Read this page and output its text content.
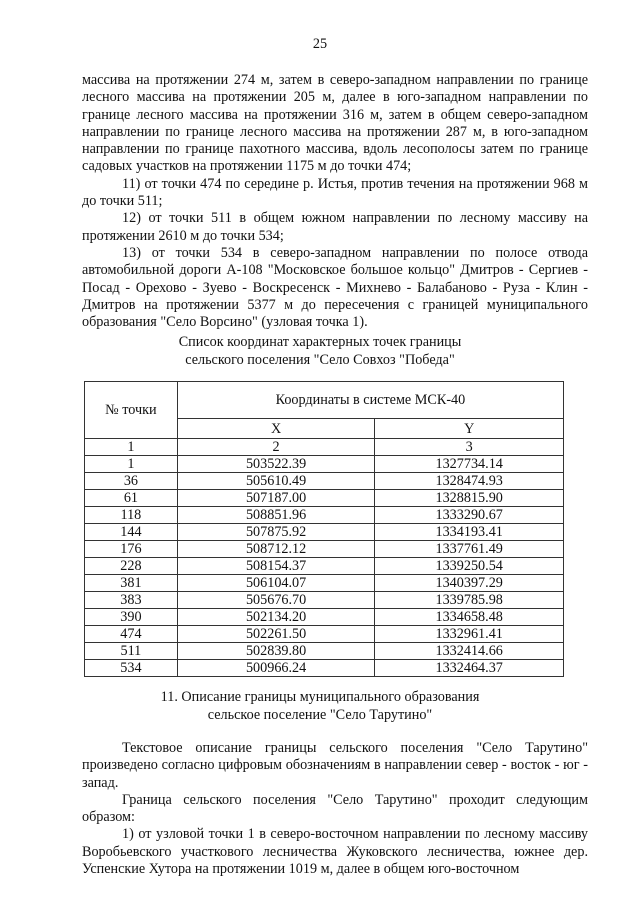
25

массива на протяжении 274 м, затем в северо-западном направлении по границе лесного массива на протяжении 205 м, далее в юго-западном направлении по границе лесного массива на протяжении 316 м, затем в общем северо-западном направлении по границе лесного массива на протяжении 287 м, в юго-западном направлении по границе пахотного массива, вдоль лесополосы затем по границе садовых участков на протяжении 1175 м до точки 474;

11) от точки 474 по середине р. Истья, против течения на протяжении 968 м до точки 511;

12) от точки 511 в общем южном направлении по лесному массиву на протяжении 2610 м до точки 534;

13) от точки 534 в северо-западном направлении по полосе отвода автомобильной дороги А-108 "Московское большое кольцо" Дмитров - Сергиев - Посад - Орехово - Зуево - Воскресенск - Михнево - Балабаново - Руза - Клин - Дмитров на протяжении 5377 м до пересечения с границей муниципального образования "Село Ворсино" (узловая точка 1).

Список координат характерных точек границы
сельского поселения "Село Совхоз "Победа"
№ точки	Координаты в системе МСК-40	
	X	Y
1	2	3
1	503522.39	1327734.14
36	505610.49	1328474.93
61	507187.00	1328815.90
118	508851.96	1333290.67
144	507875.92	1334193.41
176	508712.12	1337761.49
228	508154.37	1339250.54
381	506104.07	1340397.29
383	505676.70	1339785.98
390	502134.20	1334658.48
474	502261.50	1332961.41
511	502839.80	1332414.66
534	500966.24	1332464.37
11. Описание границы муниципального образования
сельское поселение "Село Тарутино"

Текстовое описание границы сельского поселения "Село Тарутино" произведено согласно цифровым обозначениям в направлении север - восток - юг - запад.

Граница сельского поселения "Село Тарутино" проходит следующим образом:

1) от узловой точки 1 в северо-восточном направлении по лесному массиву Воробьевского участкового лесничества Жуковского лесничества, южнее дер. Успенские Хутора на протяжении 1019 м, далее в общем юго-восточном
